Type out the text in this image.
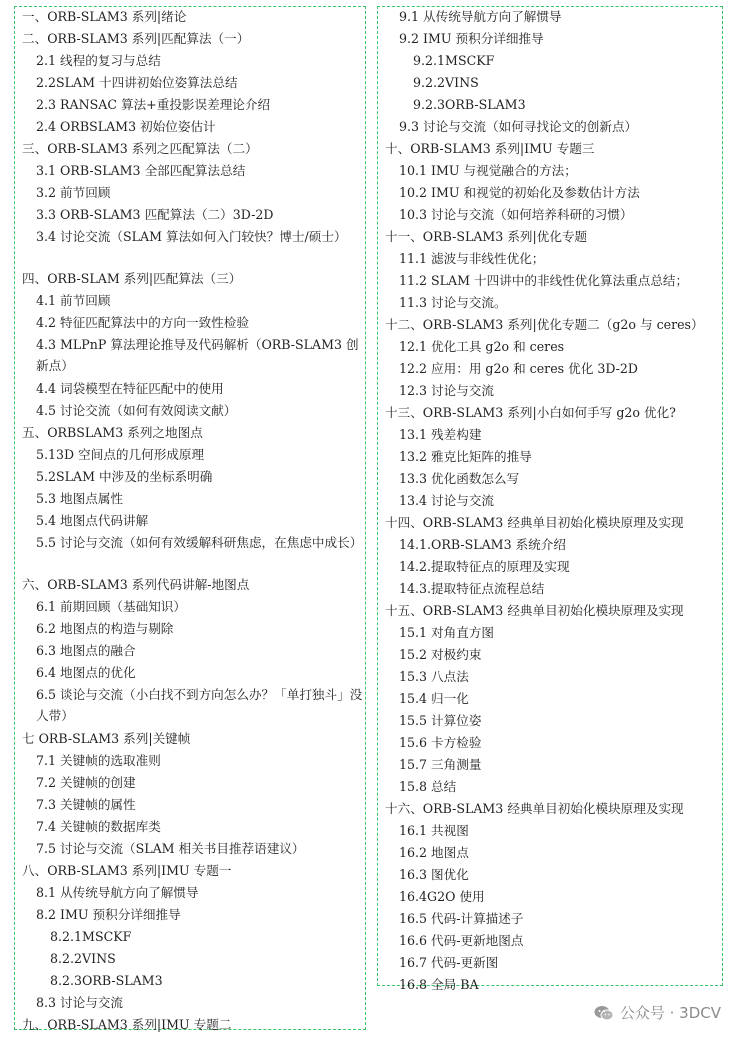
一、ORB-SLAM3 系列|绪论
二、ORB-SLAM3 系列|匹配算法（一）
2.1 线程的复习与总结
2.2SLAM 十四讲初始位姿算法总结
2.3 RANSAC 算法+重投影误差理论介绍
2.4 ORBSLAM3 初始位姿估计
三、ORB-SLAM3 系列之匹配算法（二）
3.1 ORB-SLAM3 全部匹配算法总结
3.2 前节回顾
3.3 ORB-SLAM3 匹配算法（二）3D-2D
3.4 讨论交流（SLAM 算法如何入门较快？博士/硕士）
四、ORB-SLAM 系列|匹配算法（三）
4.1 前节回顾
4.2 特征匹配算法中的方向一致性检验
4.3 MLPnP 算法理论推导及代码解析（ORB-SLAM3 创新点）
4.4 词袋模型在特征匹配中的使用
4.5 讨论交流（如何有效阅读文献）
五、ORBSLAM3 系列之地图点
5.13D 空间点的几何形成原理
5.2SLAM 中涉及的坐标系明确
5.3 地图点属性
5.4 地图点代码讲解
5.5 讨论与交流（如何有效缓解科研焦虑，在焦虑中成长）
六、ORB-SLAM3 系列代码讲解-地图点
6.1 前期回顾（基础知识）
6.2 地图点的构造与剔除
6.3 地图点的融合
6.4 地图点的优化
6.5 谈论与交流（小白找不到方向怎么办？「单打独斗」没人带）
七 ORB-SLAM3 系列|关键帧
7.1 关键帧的选取准则
7.2 关键帧的创建
7.3 关键帧的属性
7.4 关键帧的数据库类
7.5 讨论与交流（SLAM 相关书目推荐语建议）
八、ORB-SLAM3 系列|IMU 专题一
8.1 从传统导航方向了解惯导
8.2 IMU 预积分详细推导
8.2.1MSCKF
8.2.2VINS
8.2.3ORB-SLAM3
8.3 讨论与交流
九、ORB-SLAM3 系列|IMU 专题二
9.1 从传统导航方向了解惯导
9.2 IMU 预积分详细推导
9.2.1MSCKF
9.2.2VINS
9.2.3ORB-SLAM3
9.3 讨论与交流（如何寻找论文的创新点）
十、ORB-SLAM3 系列|IMU 专题三
10.1 IMU 与视觉融合的方法；
10.2 IMU 和视觉的初始化及参数估计方法
10.3 讨论与交流（如何培养科研的习惯）
十一、ORB-SLAM3 系列|优化专题
11.1 滤波与非线性优化；
11.2 SLAM 十四讲中的非线性优化算法重点总结；
11.3 讨论与交流。
十二、ORB-SLAM3 系列|优化专题二（g2o 与 ceres）
12.1 优化工具 g2o 和 ceres
12.2 应用：用 g2o 和 ceres 优化 3D-2D
12.3 讨论与交流
十三、ORB-SLAM3 系列|小白如何手写 g2o 优化?
13.1 残差构建
13.2 雅克比矩阵的推导
13.3 优化函数怎么写
13.4 讨论与交流
十四、ORB-SLAM3 经典单目初始化模块原理及实现
14.1.ORB-SLAM3 系统介绍
14.2.提取特征点的原理及实现
14.3.提取特征点流程总结
十五、ORB-SLAM3 经典单目初始化模块原理及实现
15.1 对角直方图
15.2 对极约束
15.3 八点法
15.4 归一化
15.5 计算位姿
15.6 卡方检验
15.7 三角测量
15.8 总结
十六、ORB-SLAM3 经典单目初始化模块原理及实现
16.1 共视图
16.2 地图点
16.3 图优化
16.4G2O 使用
16.5 代码-计算描述子
16.6 代码-更新地图点
16.7 代码-更新图
16.8 全局 BA
公众号 · 3DCV
